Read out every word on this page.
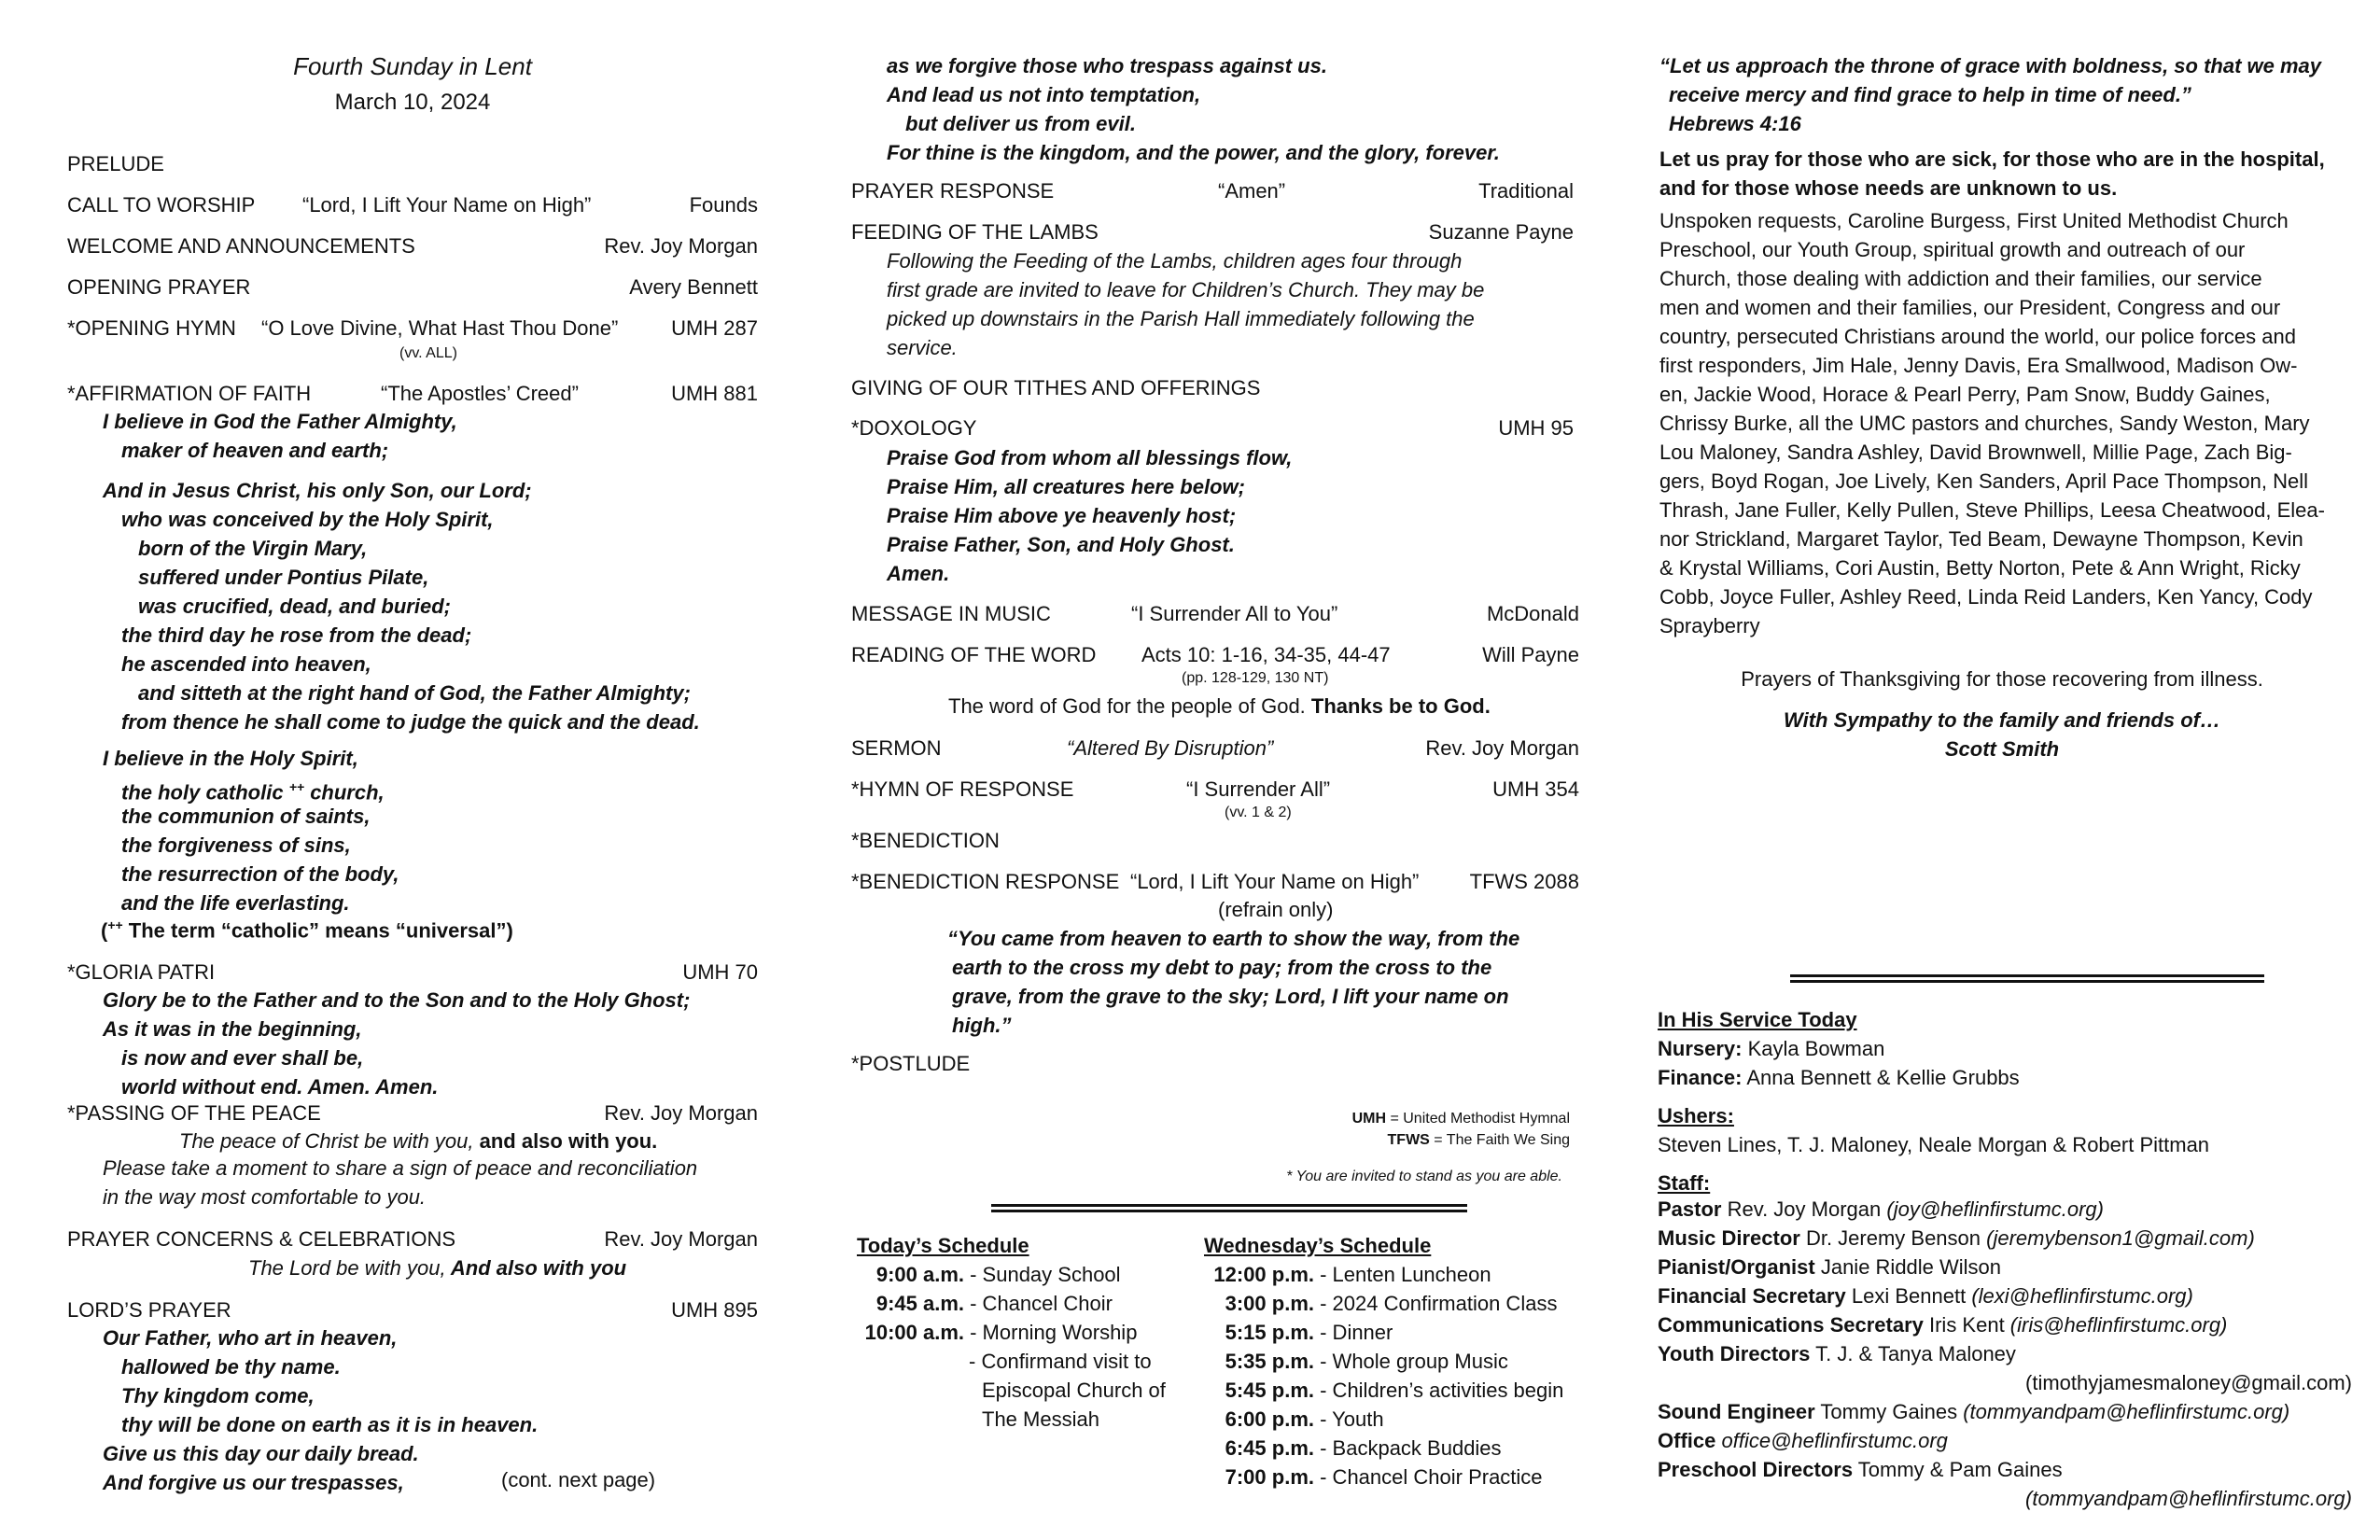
Fourth Sunday in Lent
March 10, 2024
PRELUDE
CALL TO WORSHIP “Lord, I Lift Your Name on High”	Founds
WELCOME AND ANNOUNCEMENTS	Rev. Joy Morgan
OPENING PRAYER	Avery Bennett
*OPENING HYMN “O Love Divine, What Hast Thou Done”	UMH 287
(vv. ALL)
*AFFIRMATION OF FAITH	“The Apostles’ Creed”	UMH 881
I believe in God the Father Almighty,
maker of heaven and earth;
And in Jesus Christ, his only Son, our Lord;
who was conceived by the Holy Spirit,
born of the Virgin Mary,
suffered under Pontius Pilate,
was crucified, dead, and buried;
the third day he rose from the dead;
he ascended into heaven,
and sitteth at the right hand of God, the Father Almighty;
from thence he shall come to judge the quick and the dead.
I believe in the Holy Spirit,
the holy catholic ++ church,
the communion of saints,
the forgiveness of sins,
the resurrection of the body,
and the life everlasting.
(++ The term “catholic” means “universal”)
*GLORIA PATRI	UMH 70
Glory be to the Father and to the Son and to the Holy Ghost;
As it was in the beginning,
is now and ever shall be,
world without end. Amen. Amen.
*PASSING OF THE PEACE	Rev. Joy Morgan
The peace of Christ be with you, and also with you.
Please take a moment to share a sign of peace and reconciliation
in the way most comfortable to you.
PRAYER CONCERNS & CELEBRATIONS	Rev. Joy Morgan
The Lord be with you, And also with you
LORD’S PRAYER	UMH 895
Our Father, who art in heaven,
hallowed be thy name.
Thy kingdom come,
thy will be done on earth as it is in heaven.
Give us this day our daily bread.
And forgive us our trespasses,	(cont. next page)
as we forgive those who trespass against us.
And lead us not into temptation,
but deliver us from evil.
For thine is the kingdom, and the power, and the glory, forever.
PRAYER RESPONSE	“Amen”	Traditional
FEEDING OF THE LAMBS	Suzanne Payne
Following the Feeding of the Lambs, children ages four through
first grade are invited to leave for Children’s Church. They may be
picked up downstairs in the Parish Hall immediately following the
service.
GIVING OF OUR TITHES AND OFFERINGS
*DOXOLOGY	UMH 95
Praise God from whom all blessings flow,
Praise Him, all creatures here below;
Praise Him above ye heavenly host;
Praise Father, Son, and Holy Ghost.
Amen.
MESSAGE IN MUSIC	“I Surrender All to You”	McDonald
READING OF THE WORD Acts 10: 1-16, 34-35, 44-47	Will Payne
(pp. 128-129, 130 NT)
The word of God for the people of God. Thanks be to God.
SERMON	“Altered By Disruption”	Rev. Joy Morgan
*HYMN OF RESPONSE	“I Surrender All”	UMH 354
(vv. 1 & 2)
*BENEDICTION
*BENEDICTION RESPONSE “Lord, I Lift Your Name on High” TFWS 2088
(refrain only)
“You came from heaven to earth to show the way, from the
earth to the cross my debt to pay; from the cross to the
grave, from the grave to the sky; Lord, I lift your name on
high.”
*POSTLUDE
UMH = United Methodist Hymnal
TFWS = The Faith We Sing
* You are invited to stand as you are able.
Today’s Schedule
9:00 a.m. - Sunday School
9:45 a.m. - Chancel Choir
10:00 a.m. - Morning Worship
- Confirmand visit to
Episcopal Church of
The Messiah
Wednesday’s Schedule
12:00 p.m. - Lenten Luncheon
3:00 p.m. - 2024 Confirmation Class
5:15 p.m. - Dinner
5:35 p.m. - Whole group Music
5:45 p.m. - Children’s activities begin
6:00 p.m. - Youth
6:45 p.m. - Backpack Buddies
7:00 p.m. - Chancel Choir Practice
“Let us approach the throne of grace with boldness, so that we may
receive mercy and find grace to help in time of need.”
Hebrews 4:16
Let us pray for those who are sick, for those who are in the hospital,
and for those whose needs are unknown to us.
Unspoken requests, Caroline Burgess, First United Methodist Church
Preschool, our Youth Group, spiritual growth and outreach of our
Church, those dealing with addiction and their families, our service
men and women and their families, our President, Congress and our
country, persecuted Christians around the world, our police forces and
first responders, Jim Hale, Jenny Davis, Era Smallwood, Madison Ow-
en, Jackie Wood, Horace & Pearl Perry, Pam Snow, Buddy Gaines,
Chrissy Burke, all the UMC pastors and churches, Sandy Weston, Mary
Lou Maloney, Sandra Ashley, David Brownwell, Millie Page, Zach Big-
gers, Boyd Rogan, Joe Lively, Ken Sanders, April Pace Thompson, Nell
Thrash, Jane Fuller, Kelly Pullen, Steve Phillips, Leesa Cheatwood, Elea-
nor Strickland, Margaret Taylor, Ted Beam, Dewayne Thompson, Kevin
& Krystal Williams, Cori Austin, Betty Norton, Pete & Ann Wright, Ricky
Cobb, Joyce Fuller, Ashley Reed, Linda Reid Landers, Ken Yancy, Cody
Sprayberry
Prayers of Thanksgiving for those recovering from illness.
With Sympathy to the family and friends of…
Scott Smith
In His Service Today
Nursery: Kayla Bowman
Finance: Anna Bennett & Kellie Grubbs
Ushers:
Steven Lines, T. J. Maloney, Neale Morgan & Robert Pittman
Staff:
Pastor Rev. Joy Morgan (joy@heflinfirstumc.org)
Music Director Dr. Jeremy Benson (jeremybenson1@gmail.com)
Pianist/Organist Janie Riddle Wilson
Financial Secretary Lexi Bennett (lexi@heflinfirstumc.org)
Communications Secretary Iris Kent (iris@heflinfirstumc.org)
Youth Directors T. J. & Tanya Maloney
(timothyjamesmaloney@gmail.com)
Sound Engineer Tommy Gaines (tommyandpam@heflinfirstumc.org)
Office office@heflinfirstumc.org
Preschool Directors Tommy & Pam Gaines
(tommyandpam@heflinfirstumc.org)
